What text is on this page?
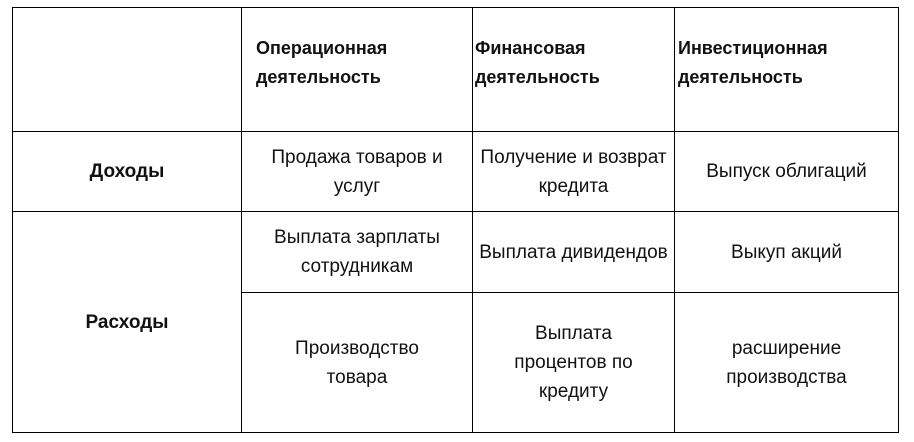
Операционная деятельность
Финансовая деятельность
Инвестиционная деятельность
Доходы
Продажа товаров и услуг
Получение и возврат кредита
Выпуск облигаций
Расходы
Выплата зарплаты сотрудникам
Выплата дивидендов	Выкуп акций
Производство товара
Выплата процентов по кредиту
расширение производства
